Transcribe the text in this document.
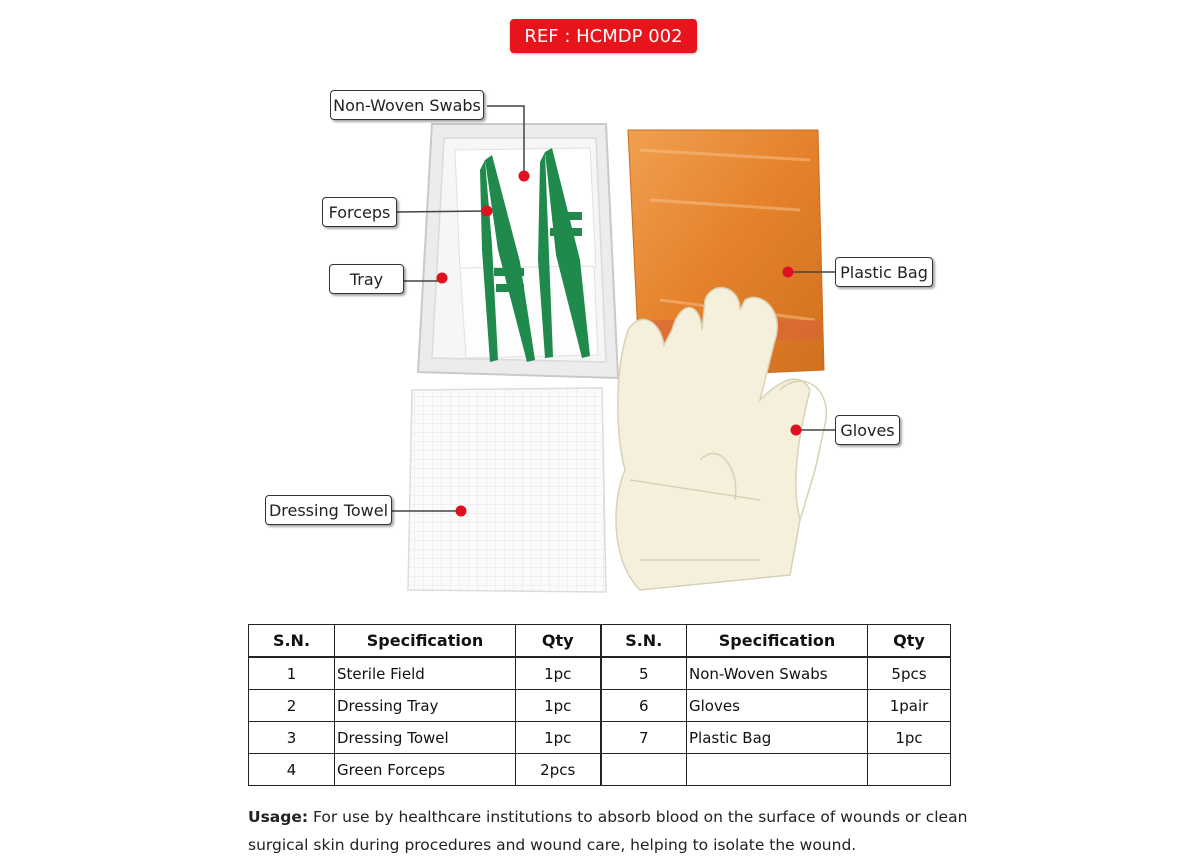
REF : HCMDP 002
Non-Woven Swabs
Forceps
Tray	Plastic Bag
Gloves
Dressing Towel
S.N.	Specification	Qty	S.N.	Specification	Qty
1	Sterile Field	1pc	5	Non-Woven Swabs	5pcs
2	Dressing Tray	1pc	6	Gloves	1pair
3	Dressing Towel	1pc	7	Plastic Bag	1pc
4	Green Forceps	2pcs			
Usage: For use by healthcare institutions to absorb blood on the surface of wounds or clean surgical skin during procedures and wound care, helping to isolate the wound.
